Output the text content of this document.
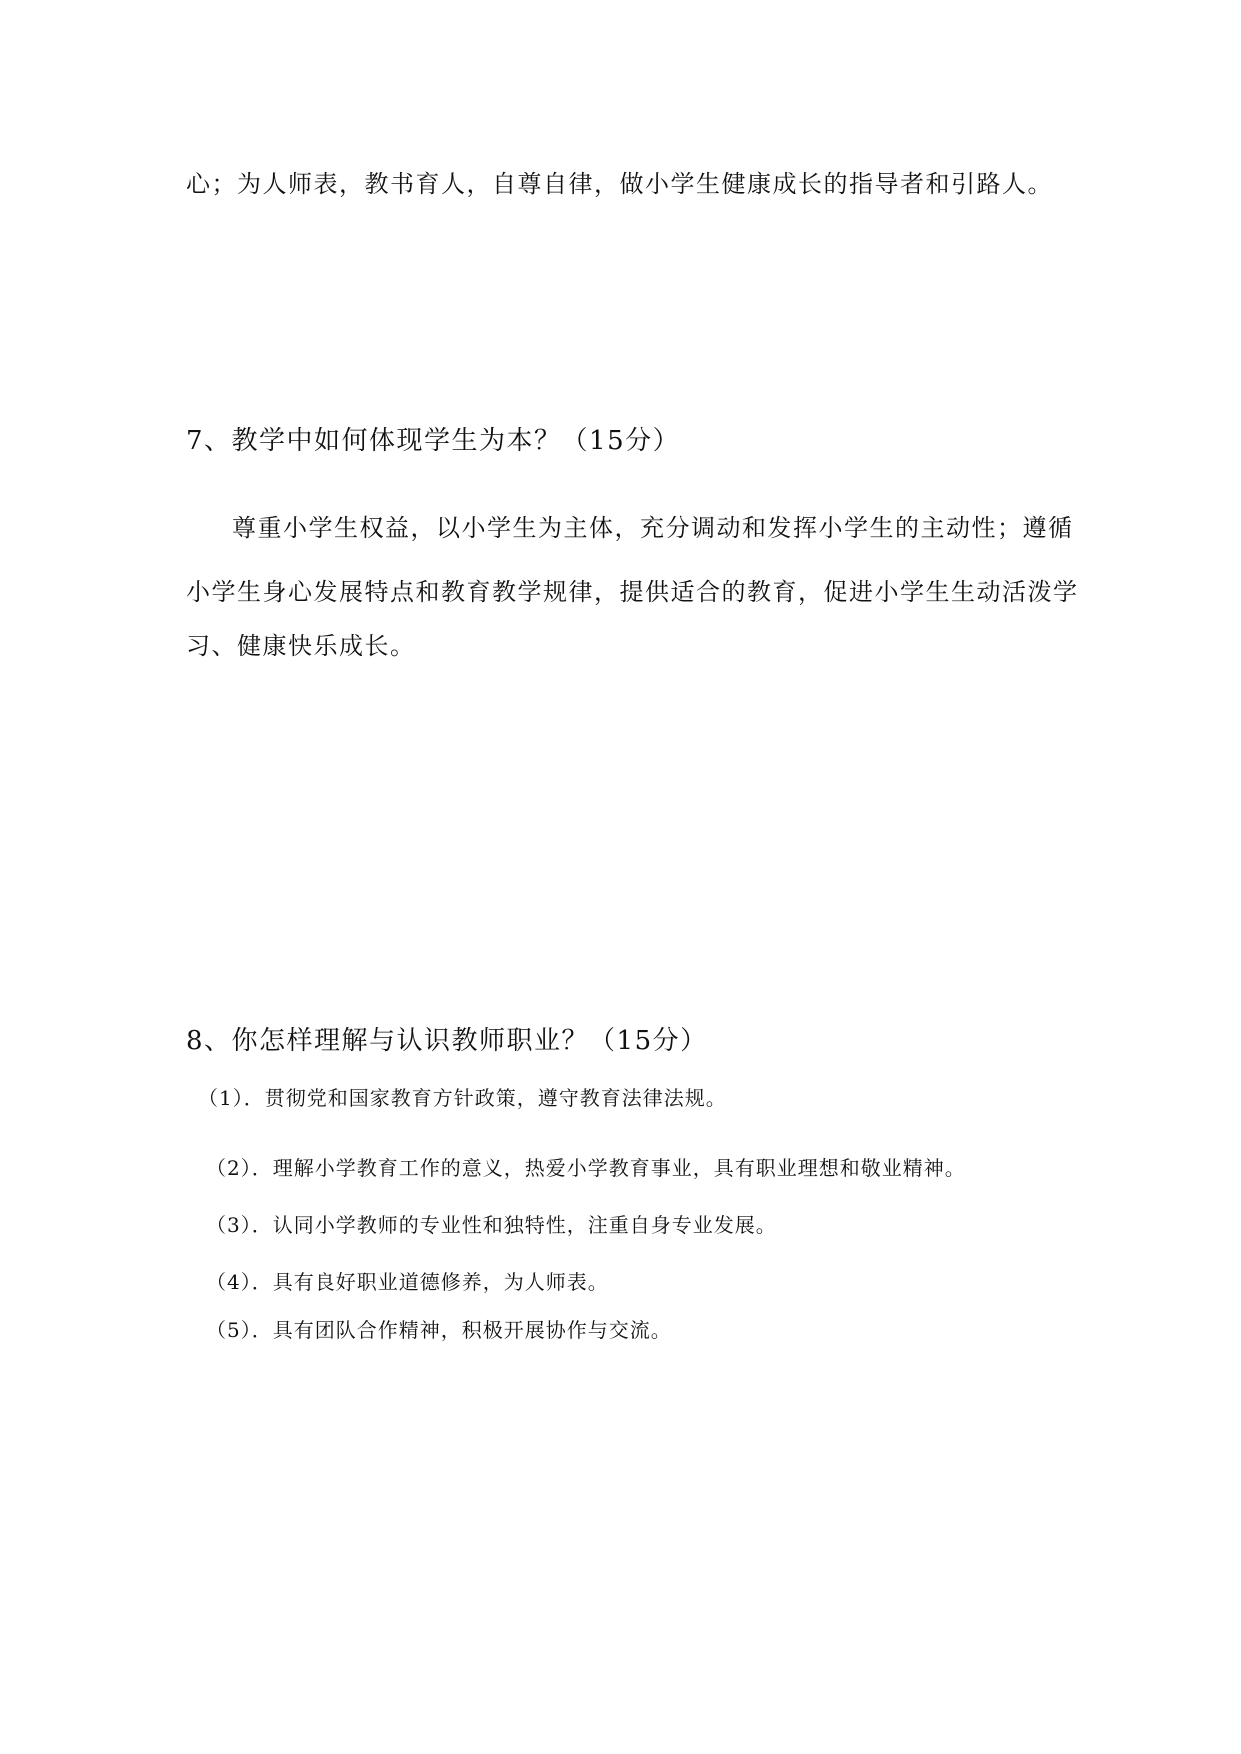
心；为人师表，教书育人，自尊自律，做小学生健康成长的指导者和引路人。

7、教学中如何体现学生为本？（15分）

尊重小学生权益，以小学生为主体，充分调动和发挥小学生的主动性；遵循

小学生身心发展特点和教育教学规律，提供适合的教育，促进小学生生动活泼学

习、健康快乐成长。

8、你怎样理解与认识教师职业？（15分）

（1）．贯彻党和国家教育方针政策，遵守教育法律法规。

（2）．理解小学教育工作的意义，热爱小学教育事业，具有职业理想和敬业精神。

（3）．认同小学教师的专业性和独特性，注重自身专业发展。

（4）．具有良好职业道德修养，为人师表。

（5）．具有团队合作精神，积极开展协作与交流。
